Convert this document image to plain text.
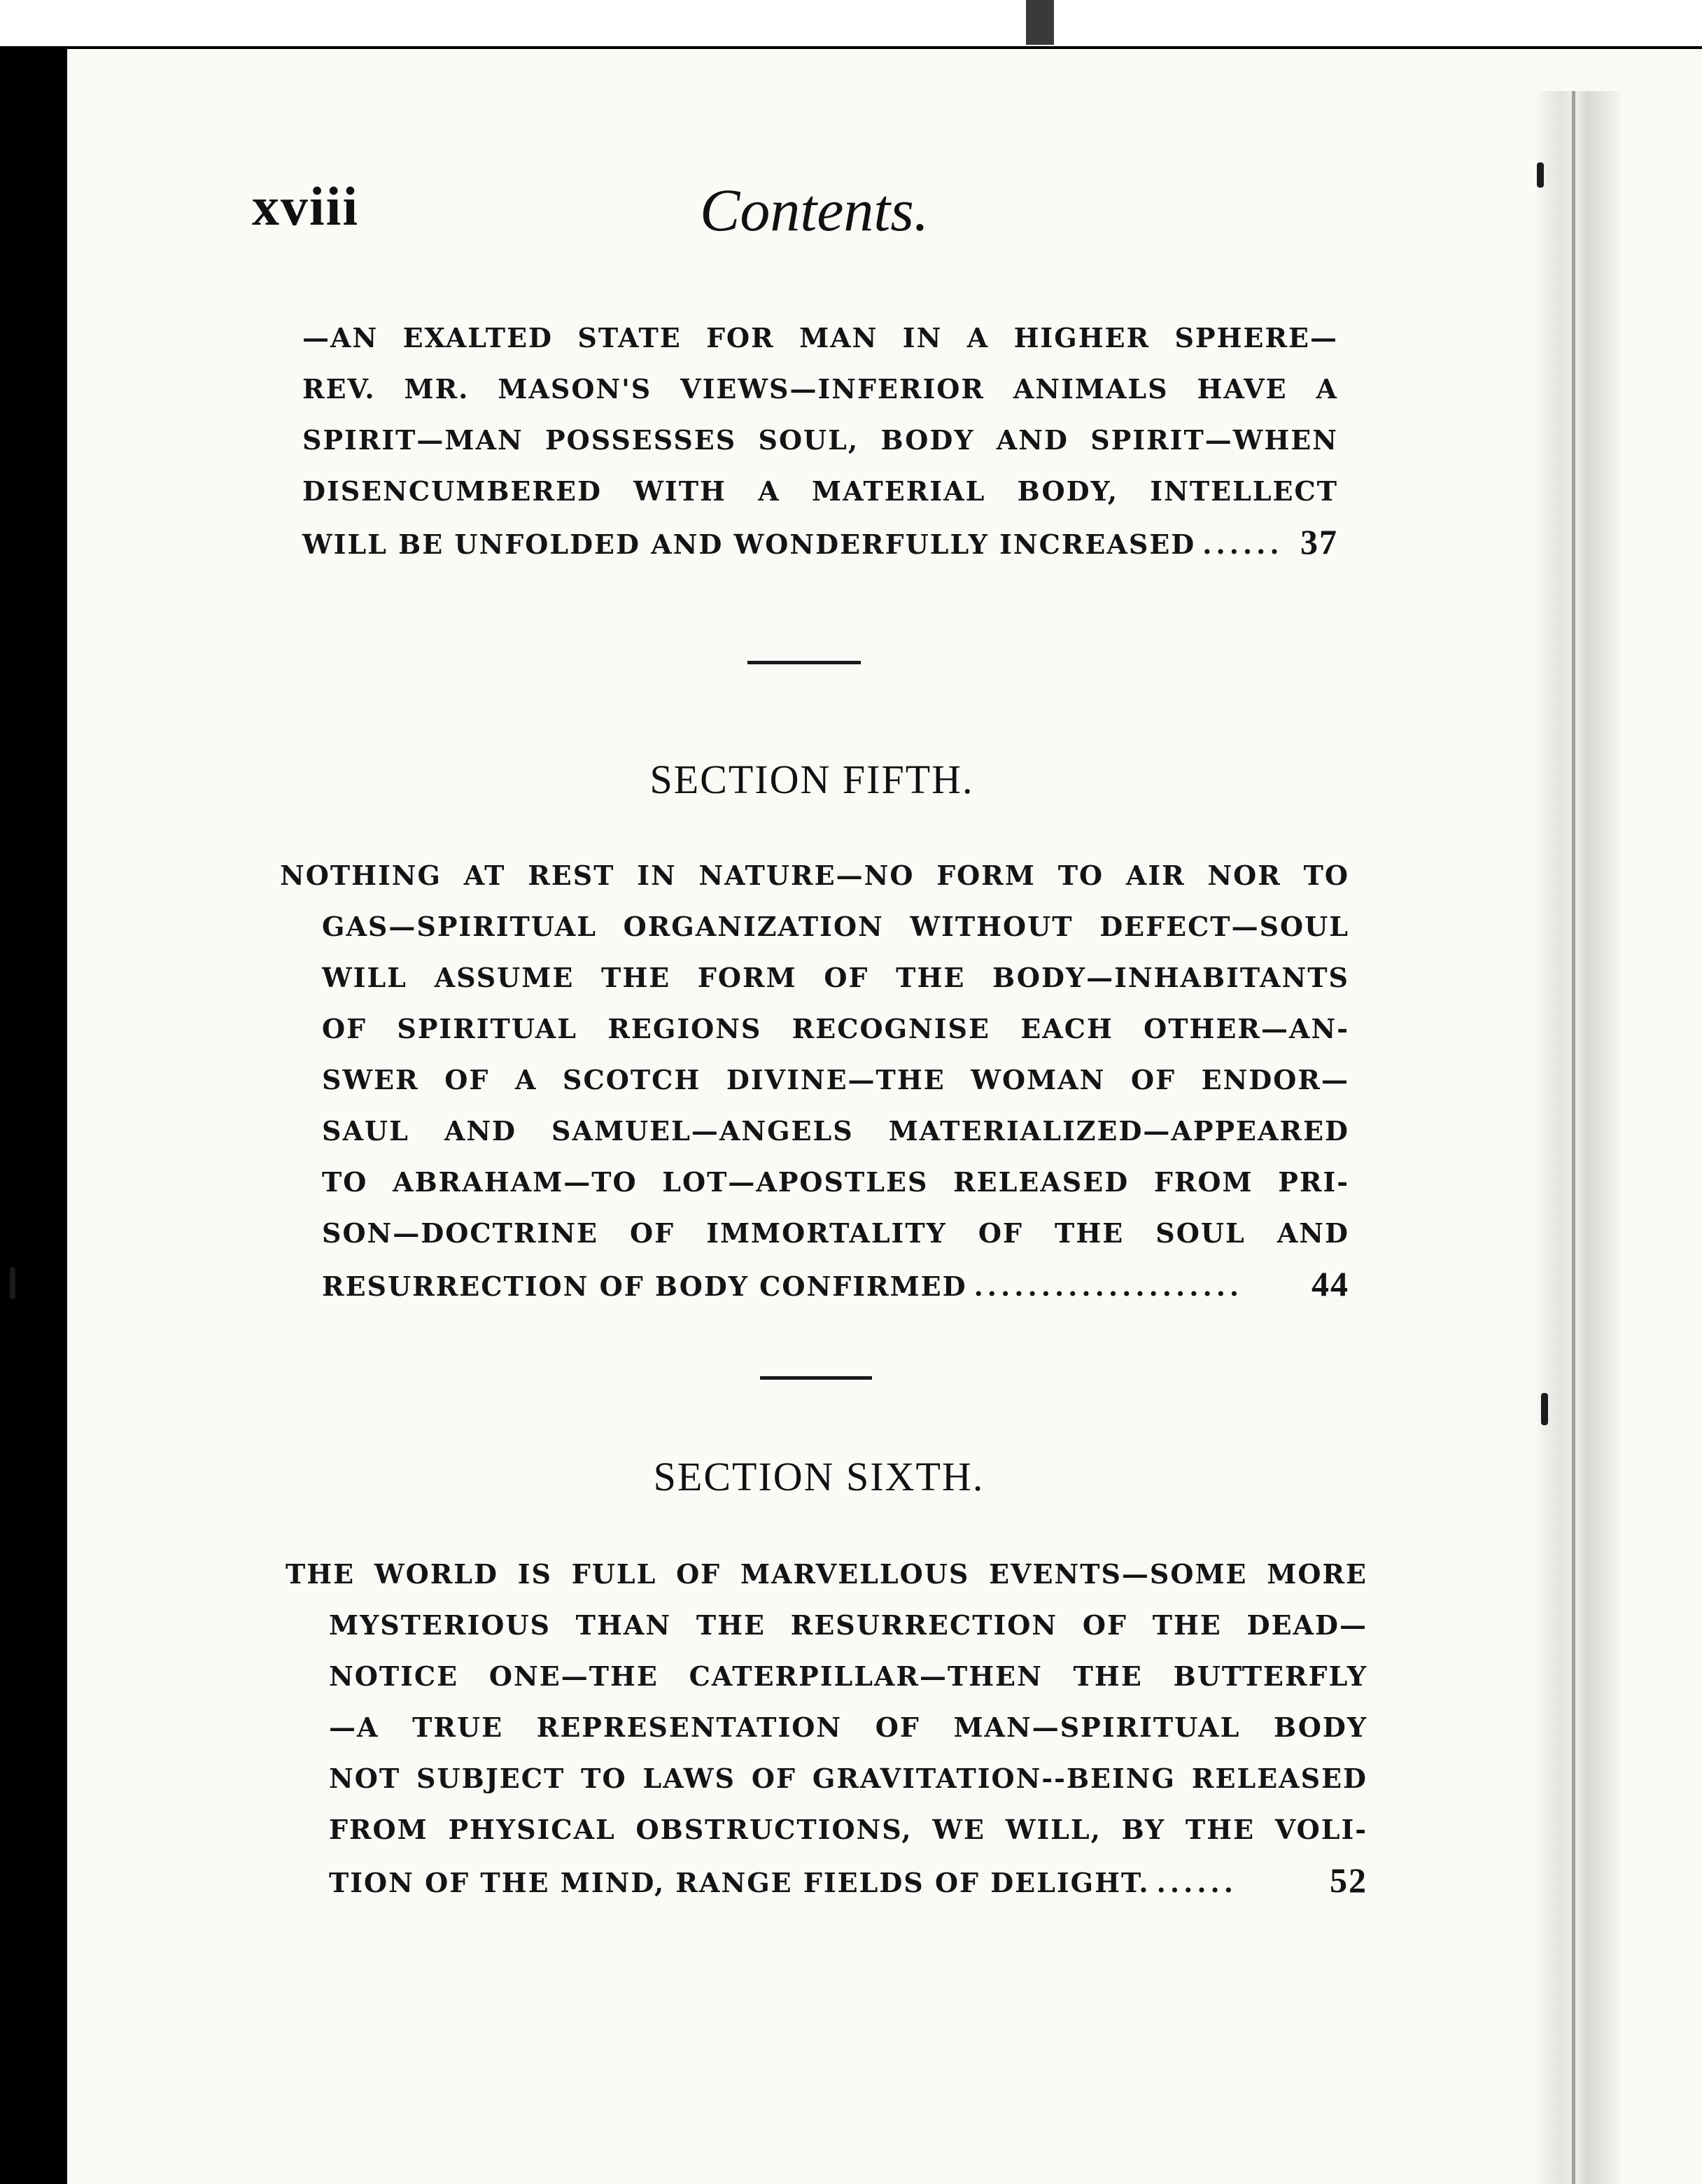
xviii	Contents.
—AN EXALTED STATE FOR MAN IN A HIGHER SPHERE—
REV. MR. MASON'S VIEWS—INFERIOR ANIMALS HAVE A
SPIRIT—MAN POSSESSES SOUL, BODY AND SPIRIT—WHEN
DISENCUMBERED WITH A MATERIAL BODY, INTELLECT
WILL BE UNFOLDED AND WONDERFULLY INCREASED ...... 37
SECTION FIFTH.
NOTHING AT REST IN NATURE—NO FORM TO AIR NOR TO
GAS—SPIRITUAL ORGANIZATION WITHOUT DEFECT—SOUL
WILL ASSUME THE FORM OF THE BODY—INHABITANTS
OF SPIRITUAL REGIONS RECOGNISE EACH OTHER—AN-
SWER OF A SCOTCH DIVINE—THE WOMAN OF ENDOR—
SAUL AND SAMUEL—ANGELS MATERIALIZED—APPEARED
TO ABRAHAM—TO LOT—APOSTLES RELEASED FROM PRI-
SON—DOCTRINE OF IMMORTALITY OF THE SOUL AND
RESURRECTION OF BODY CONFIRMED ....................	44
SECTION SIXTH.
THE WORLD IS FULL OF MARVELLOUS EVENTS—SOME MORE
MYSTERIOUS THAN THE RESURRECTION OF THE DEAD—
NOTICE ONE—THE CATERPILLAR—THEN THE BUTTERFLY
—A TRUE REPRESENTATION OF MAN—SPIRITUAL BODY
NOT SUBJECT TO LAWS OF GRAVITATION--BEING RELEASED
FROM PHYSICAL OBSTRUCTIONS, WE WILL, BY THE VOLI-
TION OF THE MIND, RANGE FIELDS OF DELIGHT. ......	52
